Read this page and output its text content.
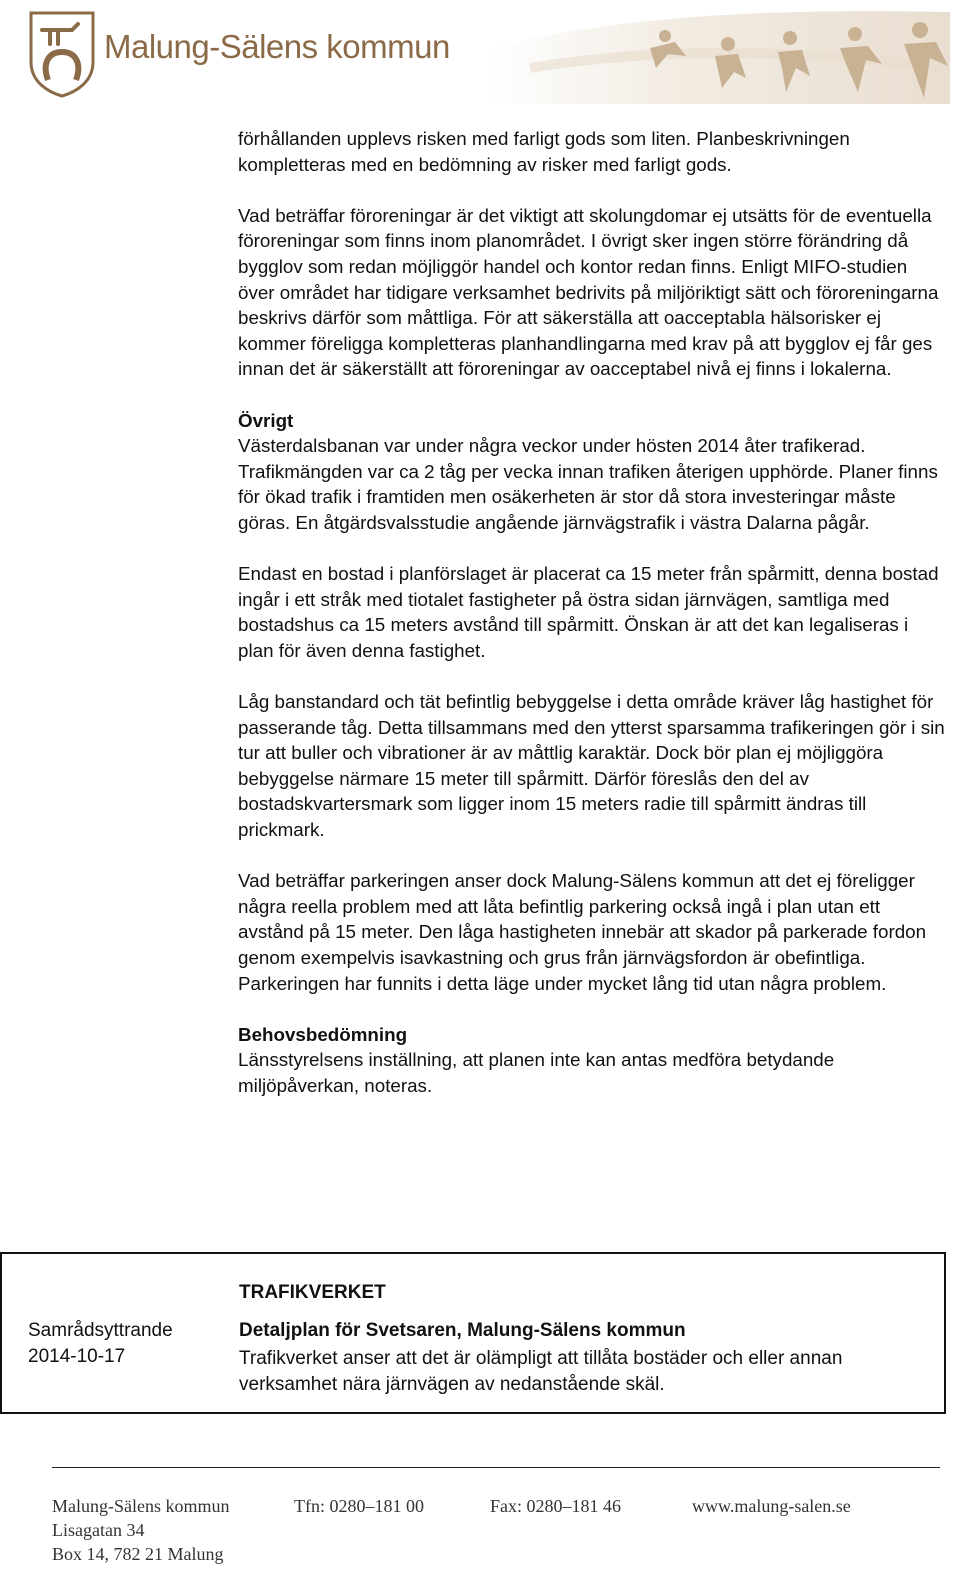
Malung-Sälens kommun

förhållanden upplevs risken med farligt gods som liten. Planbeskrivningen kompletteras med en bedömning av risker med farligt gods.

Vad beträffar föroreningar är det viktigt att skolungdomar ej utsätts för de eventuella föroreningar som finns inom planområdet. I övrigt sker ingen större förändring då bygglov som redan möjliggör handel och kontor redan finns. Enligt MIFO-studien över området har tidigare verksamhet bedrivits på miljöriktigt sätt och föroreningarna beskrivs därför som måttliga. För att säkerställa att oacceptabla hälsorisker ej kommer föreligga kompletteras planhandlingarna med krav på att bygglov ej får ges innan det är säkerställt att föroreningar av oacceptabel nivå ej finns i lokalerna.

Övrigt
Västerdalsbanan var under några veckor under hösten 2014 åter trafikerad. Trafikmängden var ca 2 tåg per vecka innan trafiken återigen upphörde. Planer finns för ökad trafik i framtiden men osäkerheten är stor då stora investeringar måste göras. En åtgärdsvalsstudie angående järnvägstrafik i västra Dalarna pågår.

Endast en bostad i planförslaget är placerat ca 15 meter från spårmitt, denna bostad ingår i ett stråk med tiotalet fastigheter på östra sidan järnvägen, samtliga med bostadshus ca 15 meters avstånd till spårmitt. Önskan är att det kan legaliseras i plan för även denna fastighet.

Låg banstandard och tät befintlig bebyggelse i detta område kräver låg hastighet för passerande tåg. Detta tillsammans med den ytterst sparsamma trafikeringen gör i sin tur att buller och vibrationer är av måttlig karaktär. Dock bör plan ej möjliggöra bebyggelse närmare 15 meter till spårmitt. Därför föreslås den del av bostadskvartersmark som ligger inom 15 meters radie till spårmitt ändras till prickmark.

Vad beträffar parkeringen anser dock Malung-Sälens kommun att det ej föreligger några reella problem med att låta befintlig parkering också ingå i plan utan ett avstånd på 15 meter. Den låga hastigheten innebär att skador på parkerade fordon genom exempelvis isavkastning och grus från järnvägsfordon är obefintliga. Parkeringen har funnits i detta läge under mycket lång tid utan några problem.

Behovsbedömning
Länsstyrelsens inställning, att planen inte kan antas medföra betydande miljöpåverkan, noteras.
TRAFIKVERKET
Samrådsyttrande
2014-10-17
Detaljplan för Svetsaren, Malung-Sälens kommun
Trafikverket anser att det är olämpligt att tillåta bostäder och eller annan verksamhet nära järnvägen av nedanstående skäl.
Malung-Sälens kommun	Tfn: 0280–181 00	Fax: 0280–181 46	www.malung-salen.se
Lisagatan 34
Box 14, 782 21 Malung
